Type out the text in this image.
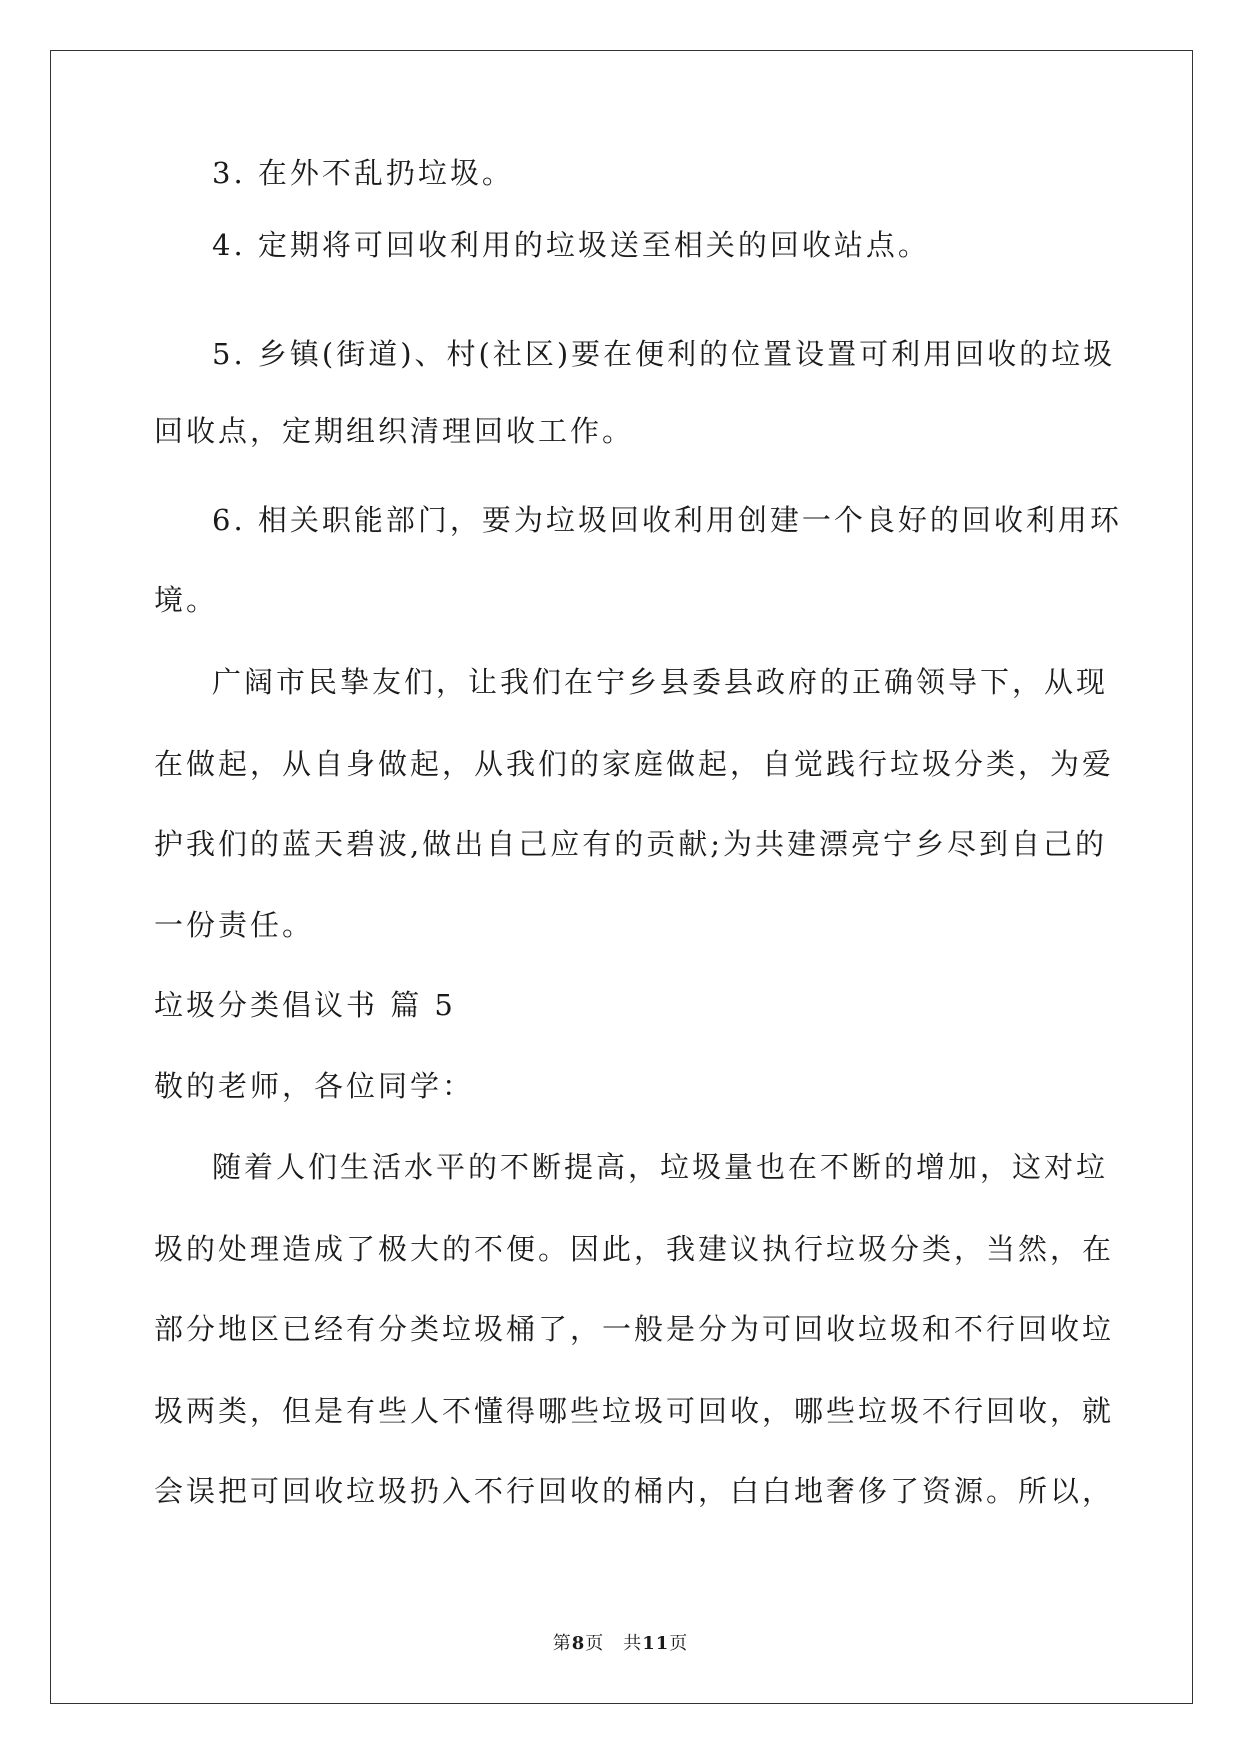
3. 在外不乱扔垃圾。
4. 定期将可回收利用的垃圾送至相关的回收站点。
5. 乡镇(街道)、村(社区)要在便利的位置设置可利用回收的垃圾
回收点，定期组织清理回收工作。
6. 相关职能部门，要为垃圾回收利用创建一个良好的回收利用环
境。
广阔市民挚友们，让我们在宁乡县委县政府的正确领导下，从现
在做起，从自身做起，从我们的家庭做起，自觉践行垃圾分类，为爱
护我们的蓝天碧波,做出自己应有的贡献;为共建漂亮宁乡尽到自己的
一份责任。
垃圾分类倡议书 篇 5
敬的老师，各位同学：
随着人们生活水平的不断提高，垃圾量也在不断的增加，这对垃
圾的处理造成了极大的不便。因此，我建议执行垃圾分类，当然，在
部分地区已经有分类垃圾桶了，一般是分为可回收垃圾和不行回收垃
圾两类，但是有些人不懂得哪些垃圾可回收，哪些垃圾不行回收，就
会误把可回收垃圾扔入不行回收的桶内，白白地奢侈了资源。所以，
第8页　共11页
